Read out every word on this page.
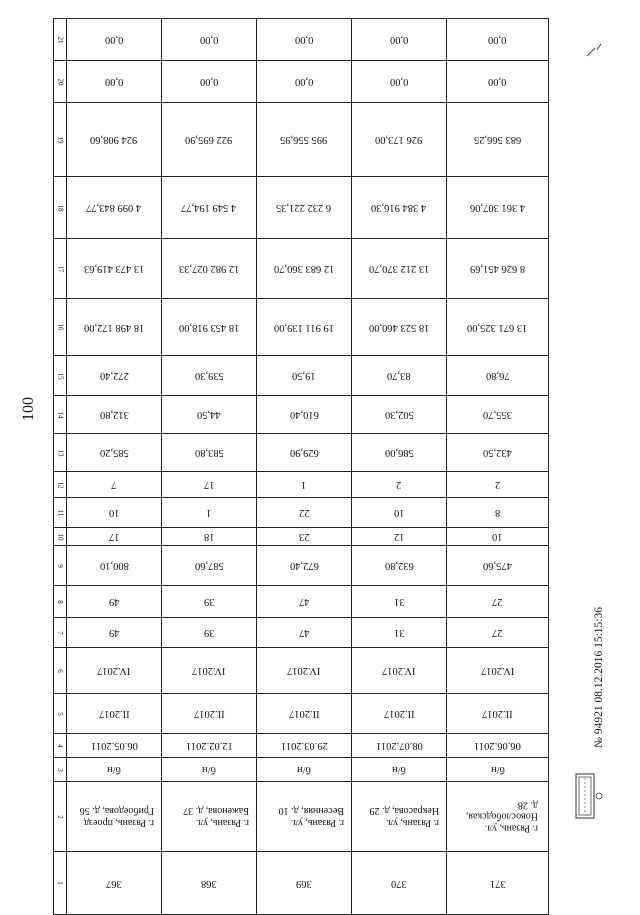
100
21	0,00	0,00	0,00	0,00	0,00
20	0,00	0,00	0,00	0,00	0,00
19	924 908,60	922 695,90	995 556,95	926 173,00	683 566,25
18	4 099 843,77	4 549 194,77	6 232 221,35	4 384 916,30	4 361 307,06
17	13 473 419,63	12 982 027,33	12 683 360,70	13 212 370,70	8 626 451,69
16	18 498 172,00	18 453 918,00	19 911 139,00	18 523 460,00	13 671 325,00
15	272,40	539,30	19,50	83,70	76,80
14	312,80	44,50	610,40	502,30	355,70
13	585,20	583,80	629,90	586,00	432,50
12	7	17	1	2	2
11	10	1	22	10	8
10	17	18	23	12	10
9	800,10	587,60	672,40	632,80	475,60
8	49	39	47	31	27
7	49	39	47	31	27
6	IV.2017	IV.2017	IV.2017	IV.2017	IV.2017
5	II.2017	II.2017	II.2017	II.2017	II.2017
4	06.05.2011	12.02.2011	29.03.2011	08.07.2011	06.06.2011
3	б/н	б/н	б/н	б/н	б/н
2	г. Рязань, проезд Грибоедова, д. 56	г. Рязань, ул. Баженова, д. 37	г. Рязань, ул. Весенняя, д. 10	г. Рязань, ул. Некрасова, д. 29	г. Рязань, ул. Новослободская, д. 28
1	367	368	369	370	371
№ 94921 08.12.2016 15:15:36
